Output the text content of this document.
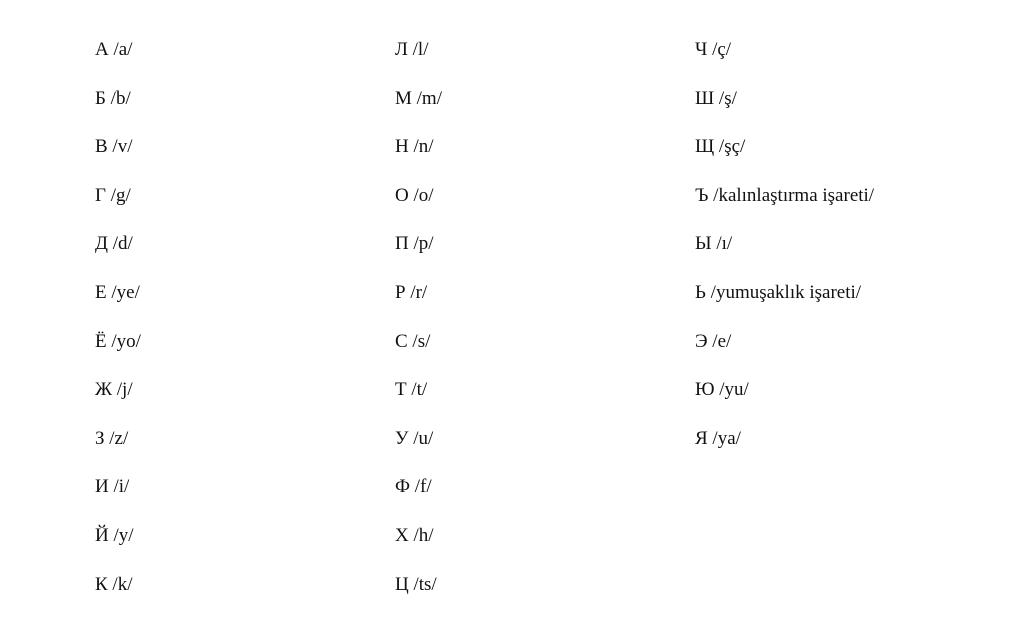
А /a/
Б /b/
В /v/
Г /g/
Д /d/
Е /ye/
Ё /yo/
Ж /j/
З /z/
И /i/
Й /y/
К /k/
Л /l/
М /m/
Н /n/
О /o/
П /p/
Р /r/
С /s/
Т /t/
У /u/
Ф /f/
Х /h/
Ц /ts/
Ч /ç/
Ш /ş/
Щ /şç/
Ъ /kalınlaştırma işareti/
Ы /ı/
Ь /yumuşaklık işareti/
Э /e/
Ю /yu/
Я /ya/
